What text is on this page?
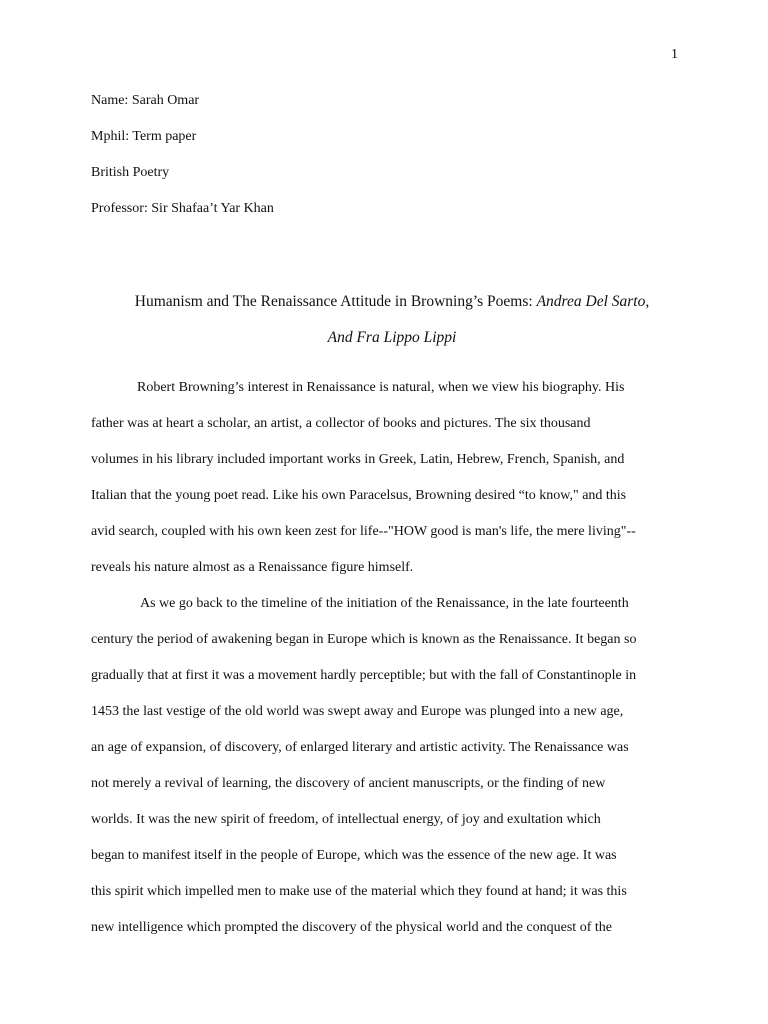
1
Name: Sarah Omar
Mphil: Term paper
British Poetry
Professor: Sir Shafaa’t Yar Khan
Humanism and The Renaissance Attitude in Browning’s Poems: Andrea Del Sarto,
And Fra Lippo Lippi
Robert Browning’s interest in Renaissance is natural, when we view his biography. His
father was at heart a scholar, an artist, a collector of books and pictures. The six thousand
volumes in his library included important works in Greek, Latin, Hebrew, French, Spanish, and
Italian that the young poet read. Like his own Paracelsus, Browning desired “to know," and this
avid search, coupled with his own keen zest for life--"HOW good is man's life, the mere living"--
reveals his nature almost as a Renaissance figure himself.
As we go back to the timeline of the initiation of the Renaissance, in the late fourteenth
century the period of awakening began in Europe which is known as the Renaissance. It began so
gradually that at first it was a movement hardly perceptible; but with the fall of Constantinople in
1453 the last vestige of the old world was swept away and Europe was plunged into a new age,
an age of expansion, of discovery, of enlarged literary and artistic activity. The Renaissance was
not merely a revival of learning, the discovery of ancient manuscripts, or the finding of new
worlds. It was the new spirit of freedom, of intellectual energy, of joy and exultation which
began to manifest itself in the people of Europe, which was the essence of the new age. It was
this spirit which impelled men to make use of the material which they found at hand; it was this
new intelligence which prompted the discovery of the physical world and the conquest of the
